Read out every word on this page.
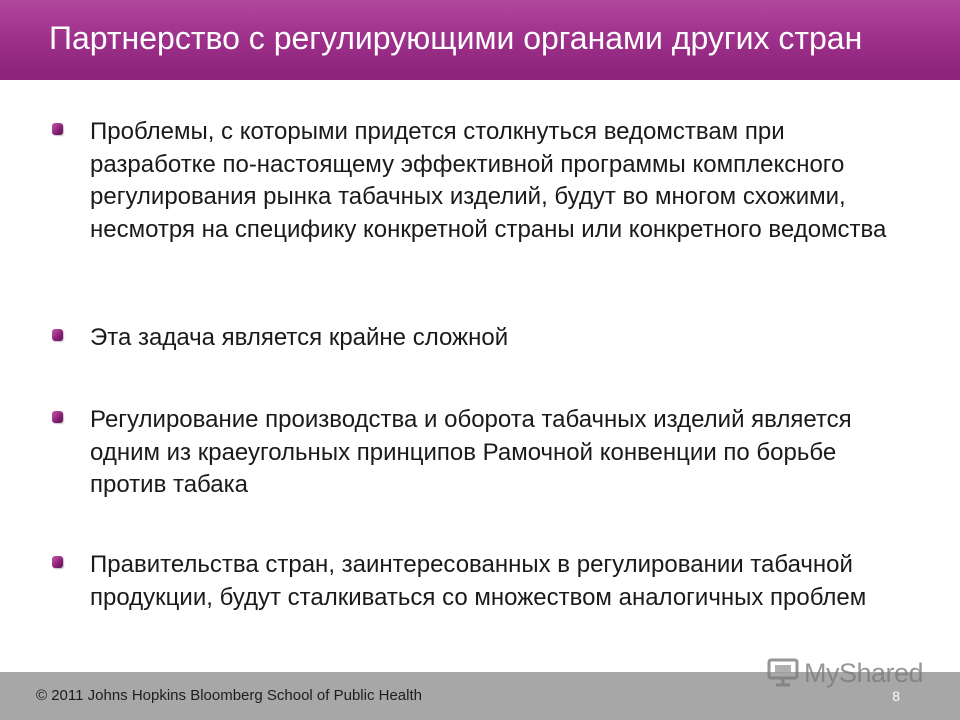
Партнерство с регулирующими органами других стран
Проблемы, с которыми придется столкнуться ведомствам при разработке по-настоящему эффективной программы комплексного регулирования рынка табачных изделий, будут во многом схожими, несмотря на специфику конкретной страны или конкретного ведомства
Эта задача является крайне сложной
Регулирование производства и оборота табачных изделий является одним из краеугольных принципов Рамочной конвенции по борьбе против табака
Правительства стран, заинтересованных в регулировании табачной продукции, будут сталкиваться со множеством аналогичных проблем
© 2011 Johns Hopkins Bloomberg School of Public Health	8
MyShared
